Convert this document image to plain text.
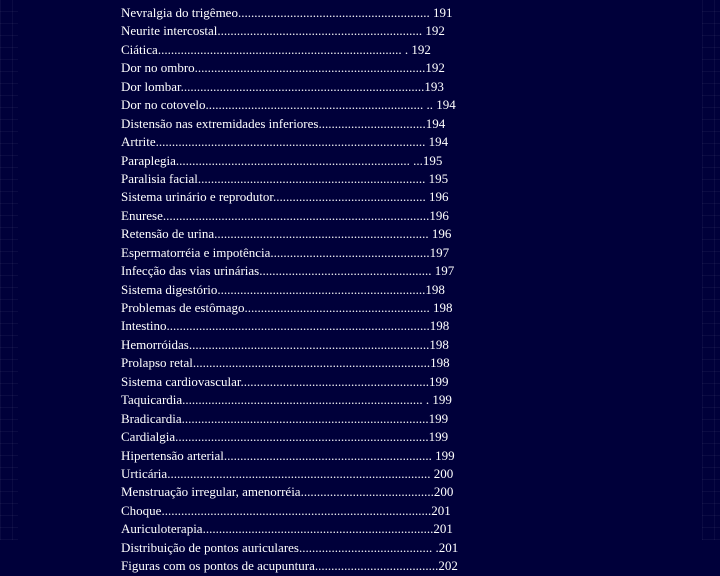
Nevralgia do trigêmeo........................................................... 191
Neurite intercostal............................................................... 192
Ciática........................................................................... . 192
Dor no ombro.......................................................................192
Dor lombar...........................................................................193
Dor no cotovelo................................................................... .. 194
Distensão nas extremidades inferiores.................................194
Artrite................................................................................... 194
Paraplegia........................................................................ ...195
Paralisia facial...................................................................... 195
Sistema urinário e reprodutor............................................... 196
Enurese..................................................................................196
Retensão de urina.................................................................. 196
Espermatorréia e impotência.................................................197
Infecção das vias urinárias..................................................... 197
Sistema digestório................................................................198
Problemas de estômago......................................................... 198
Intestino.................................................................................198
Hemorróidas..........................................................................198
Prolapso retal.........................................................................198
Sistema cardiovascular..........................................................199
Taquicardia.......................................................................... . 199
Bradicardia............................................................................199
Cardialgia..............................................................................199
Hipertensão arterial................................................................ 199
Urticária................................................................................. 200
Menstruação irregular, amenorréia.........................................200
Choque...................................................................................201
Auriculoterapia.......................................................................201
Distribuição de pontos auriculares......................................... .201
Figuras com os pontos de acupuntura......................................202
